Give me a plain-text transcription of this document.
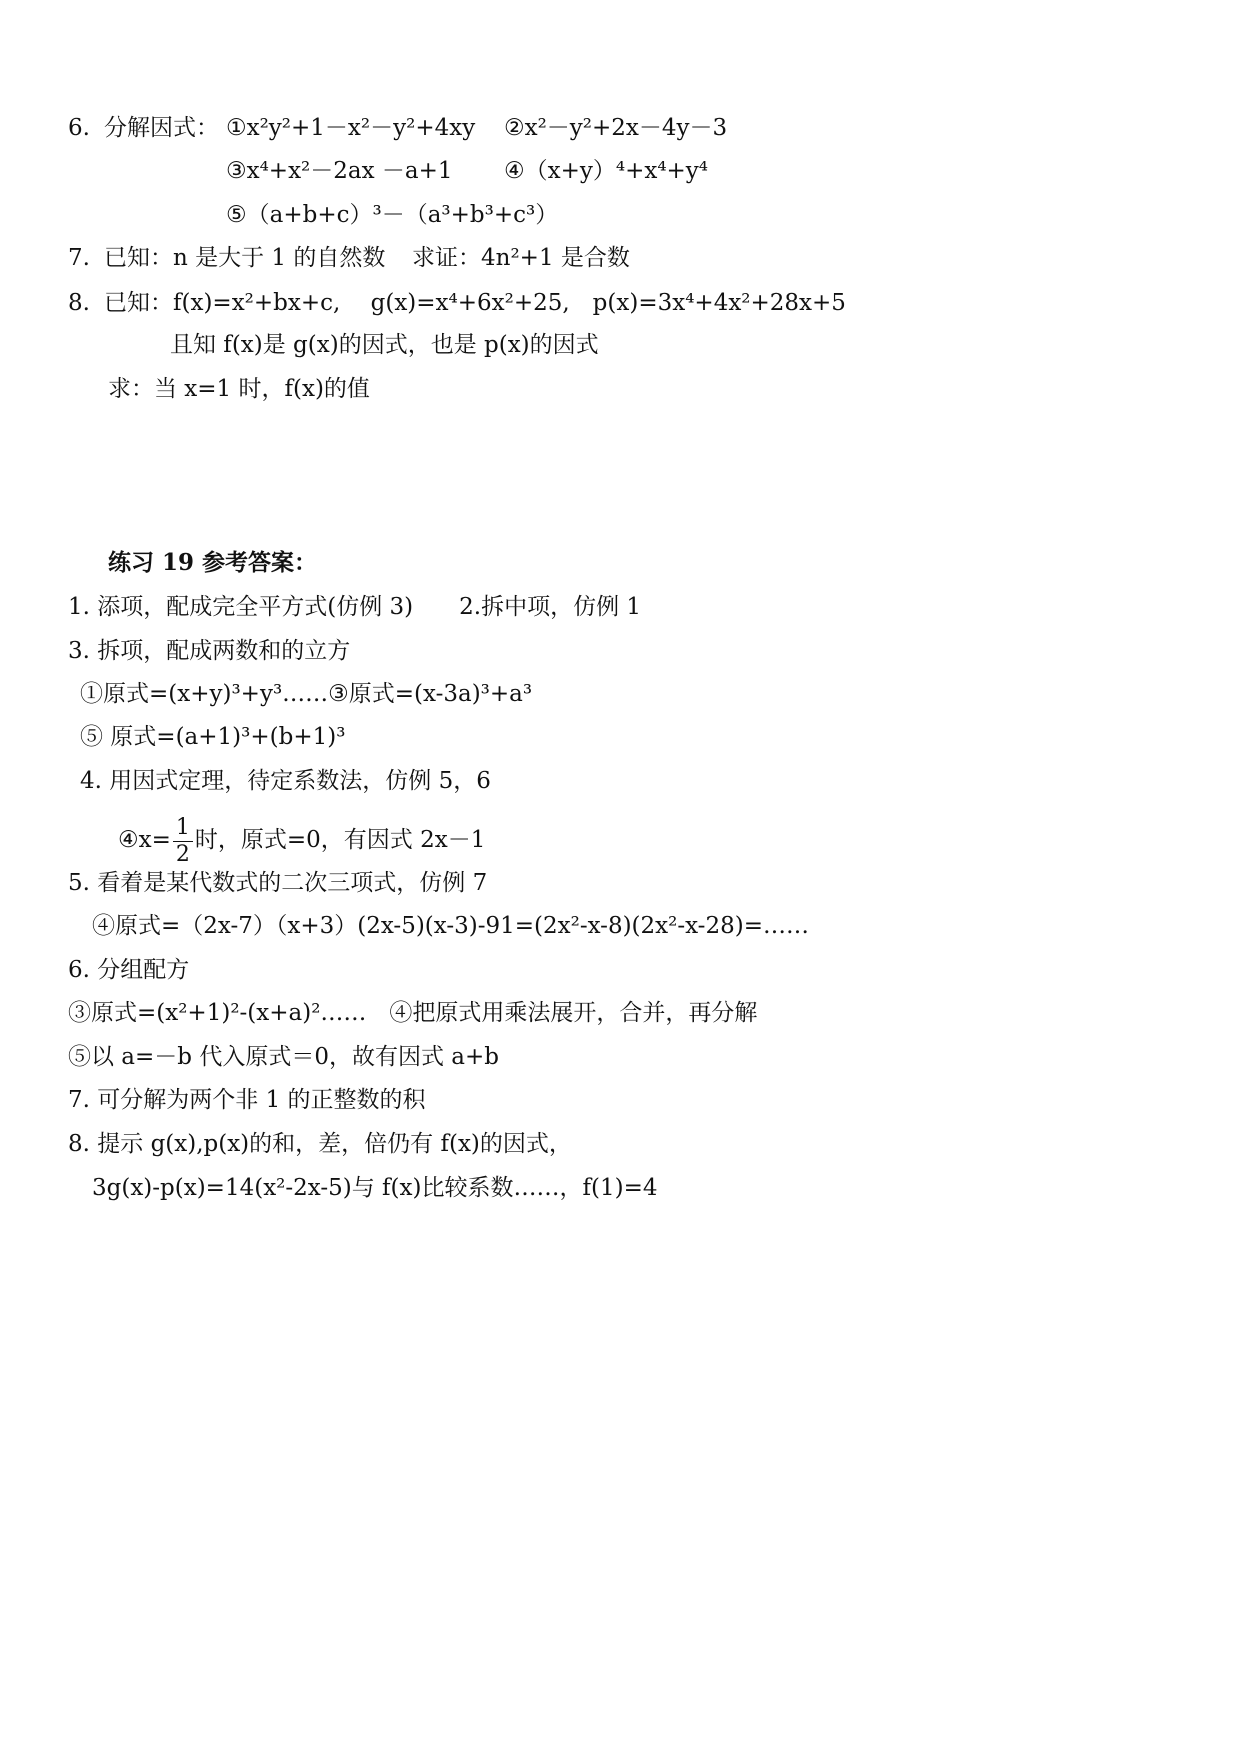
6. 分解因式： ①x²y²+1－x²－y²+4xy ②x²－y²+2x－4y－3
③x⁴+x²－2ax －a+1 ④（x+y）⁴+x⁴+y⁴
⑤（a+b+c）³－（a³+b³+c³）
7. 已知：n 是大于 1 的自然数 求证：4n²+1 是合数
8. 已知：f(x)=x²+bx+c,　 g(x)=x⁴+6x²+25,　p(x)=3x⁴+4x²+28x+5
且知 f(x)是 g(x)的因式，也是 p(x)的因式
求：当 x=1 时，f(x)的值
练习 19 参考答案：
1. 添项，配成完全平方式(仿例 3)　　2.拆中项，仿例 1
3. 拆项，配成两数和的立方
①原式=(x+y)³+y³……③原式=(x-3a)³+a³
⑤ 原式=(a+1)³+(b+1)³
4. 用因式定理，待定系数法，仿例 5，6
④x= $\frac{1}{2}$ 时，原式=0，有因式 2x－1
5. 看着是某代数式的二次三项式，仿例 7
④原式=（2x-7）（x+3）(2x-5)(x-3)-91=(2x²-x-8)(2x²-x-28)=……
6. 分组配方
③原式=(x²+1)²-(x+a)²……　④把原式用乘法展开，合并，再分解
⑤以 a=－b 代入原式＝0，故有因式 a+b
7. 可分解为两个非 1 的正整数的积
8. 提示 g(x),p(x)的和，差，倍仍有 f(x)的因式，
3g(x)-p(x)=14(x²-2x-5)与 f(x)比较系数……，f(1)=4
